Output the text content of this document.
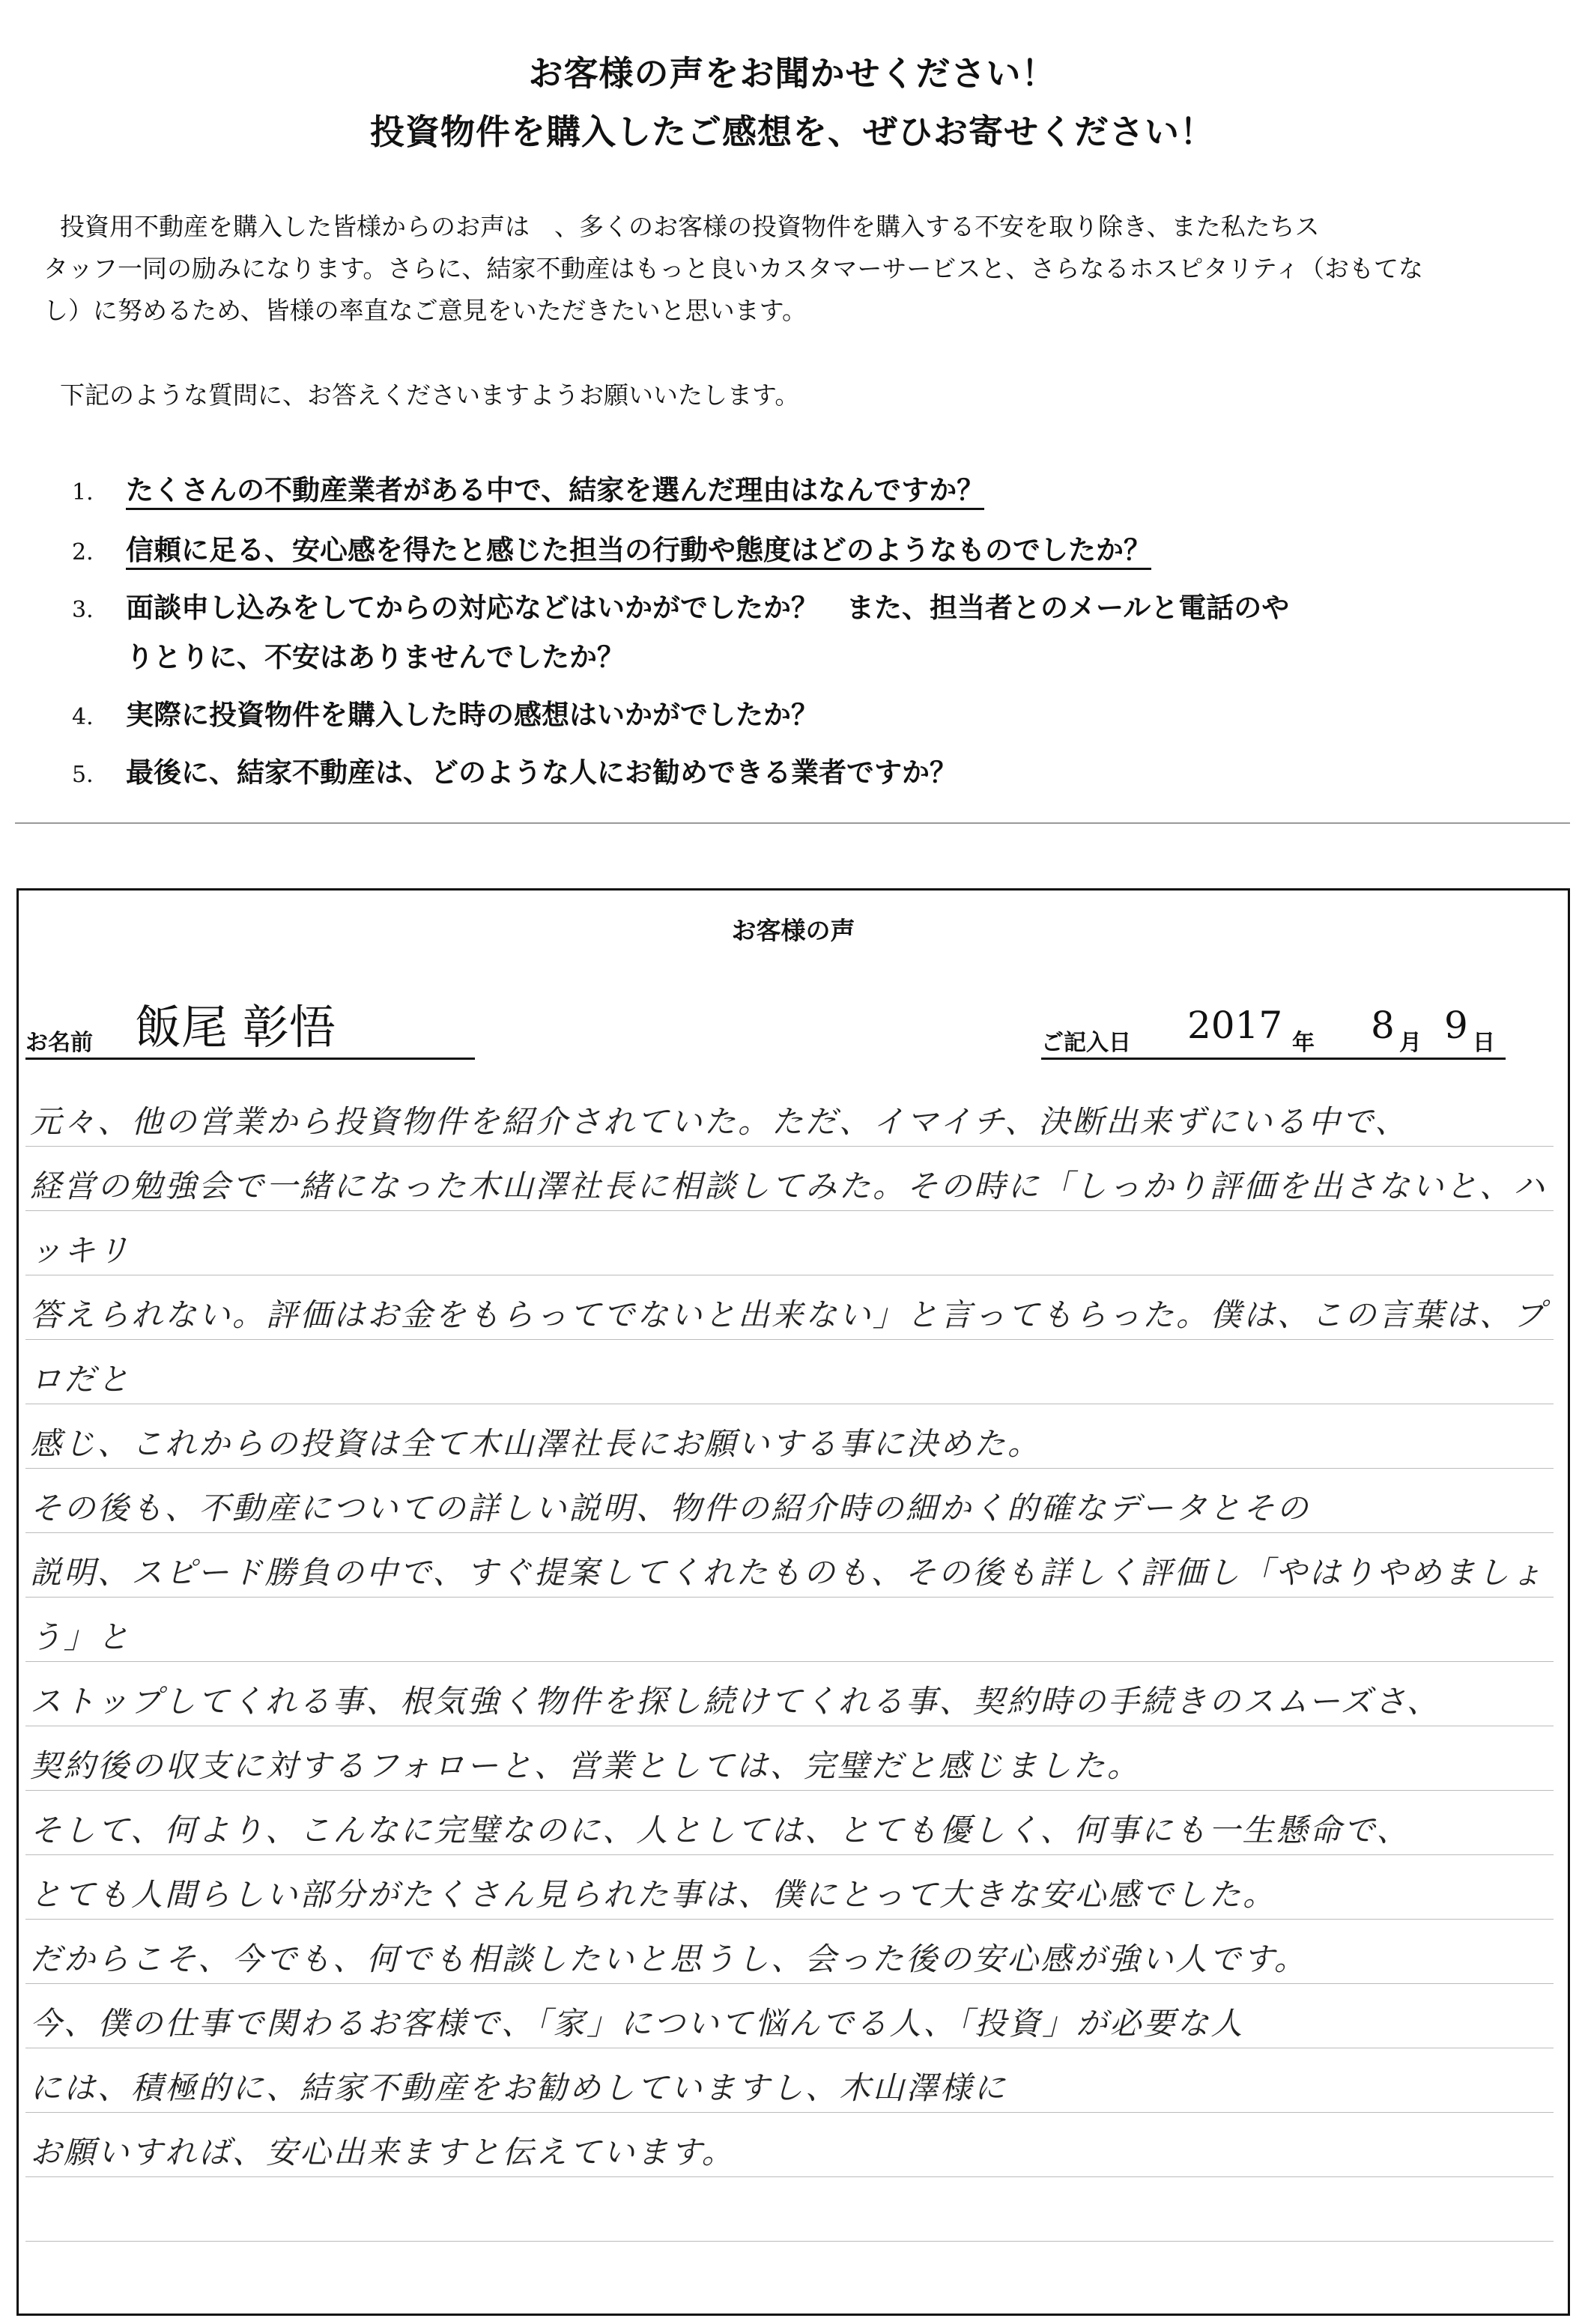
お客様の声をお聞かせください！
投資物件を購入したご感想を、ぜひお寄せください！
投資用不動産を購入した皆様からのお声は　、多くのお客様の投資物件を購入する不安を取り除き、また私たちス
タッフ一同の励みになります。さらに、結家不動産はもっと良いカスタマーサービスと、さらなるホスピタリティ（おもてな
し）に努めるため、皆様の率直なご意見をいただきたいと思います。
下記のような質問に、お答えくださいますようお願いいたします。
1. たくさんの不動産業者がある中で、結家を選んだ理由はなんですか？
2. 信頼に足る、安心感を得たと感じた担当の行動や態度はどのようなものでしたか？
3. 面談申し込みをしてからの対応などはいかがでしたか？　また、担当者とのメールと電話のや
りとりに、不安はありませんでしたか？
4. 実際に投資物件を購入した時の感想はいかがでしたか？
5. 最後に、結家不動産は、どのような人にお勧めできる業者ですか？
お客様の声
お名前 飯尾 彰悟	ご記入日 2017 年 8 月 9 日
元々、他の営業から投資物件を紹介されていた。ただ、イマイチ、決断出来ずにいる中で、
経営の勉強会で一緒になった木山澤社長に相談してみた。その時に「しっかり評価を出さないと、ハッキリ
答えられない。評価はお金をもらってでないと出来ない」と言ってもらった。僕は、この言葉は、プロだと
感じ、これからの投資は全て木山澤社長にお願いする事に決めた。
その後も、不動産についての詳しい説明、物件の紹介時の細かく的確なデータとその
説明、スピード勝負の中で、すぐ提案してくれたものも、その後も詳しく評価し「やはりやめましょう」と
ストップしてくれる事、根気強く物件を探し続けてくれる事、契約時の手続きのスムーズさ、
契約後の収支に対するフォローと、営業としては、完璧だと感じました。
そして、何より、こんなに完璧なのに、人としては、とても優しく、何事にも一生懸命で、
とても人間らしい部分がたくさん見られた事は、僕にとって大きな安心感でした。
だからこそ、今でも、何でも相談したいと思うし、会った後の安心感が強い人です。
今、僕の仕事で関わるお客様で、「家」について悩んでる人、「投資」が必要な人
には、積極的に、結家不動産をお勧めしていますし、木山澤様に
お願いすれば、安心出来ますと伝えています。
